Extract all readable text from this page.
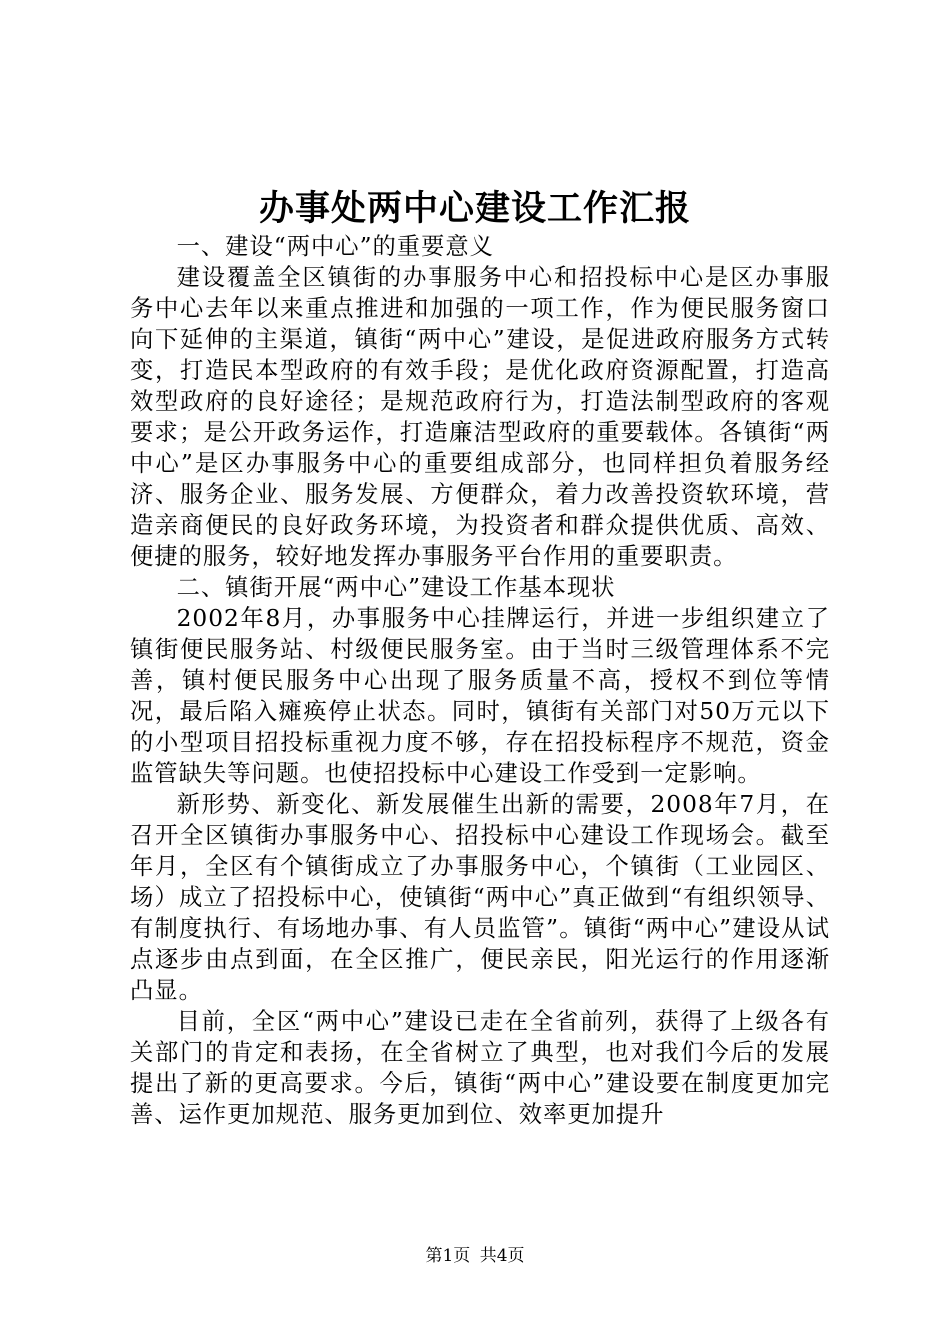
办事处两中心建设工作汇报

一、建设“两中心”的重要意义

建设覆盖全区镇街的办事服务中心和招投标中心是区办事服务中心去年以来重点推进和加强的一项工作，作为便民服务窗口向下延伸的主渠道，镇街“两中心”建设，是促进政府服务方式转变，打造民本型政府的有效手段；是优化政府资源配置，打造高效型政府的良好途径；是规范政府行为，打造法制型政府的客观要求；是公开政务运作，打造廉洁型政府的重要载体。各镇街“两中心”是区办事服务中心的重要组成部分，也同样担负着服务经济、服务企业、服务发展、方便群众，着力改善投资软环境，营造亲商便民的良好政务环境，为投资者和群众提供优质、高效、便捷的服务，较好地发挥办事服务平台作用的重要职责。

二、镇街开展“两中心”建设工作基本现状

2002年8月，办事服务中心挂牌运行，并进一步组织建立了镇街便民服务站、村级便民服务室。由于当时三级管理体系不完善，镇村便民服务中心出现了服务质量不高，授权不到位等情况，最后陷入瘫痪停止状态。同时，镇街有关部门对50万元以下的小型项目招投标重视力度不够，存在招投标程序不规范，资金监管缺失等问题。也使招投标中心建设工作受到一定影响。

新形势、新变化、新发展催生出新的需要，2008年7月，在召开全区镇街办事服务中心、招投标中心建设工作现场会。截至年月，全区有个镇街成立了办事服务中心，个镇街（工业园区、场）成立了招投标中心，使镇街“两中心”真正做到“有组织领导、有制度执行、有场地办事、有人员监管”。镇街“两中心”建设从试点逐步由点到面，在全区推广，便民亲民，阳光运行的作用逐渐凸显。

目前，全区“两中心”建设已走在全省前列，获得了上级各有关部门的肯定和表扬，在全省树立了典型，也对我们今后的发展提出了新的更高要求。今后，镇街“两中心”建设要在制度更加完善、运作更加规范、服务更加到位、效率更加提升

第1页 共4页
